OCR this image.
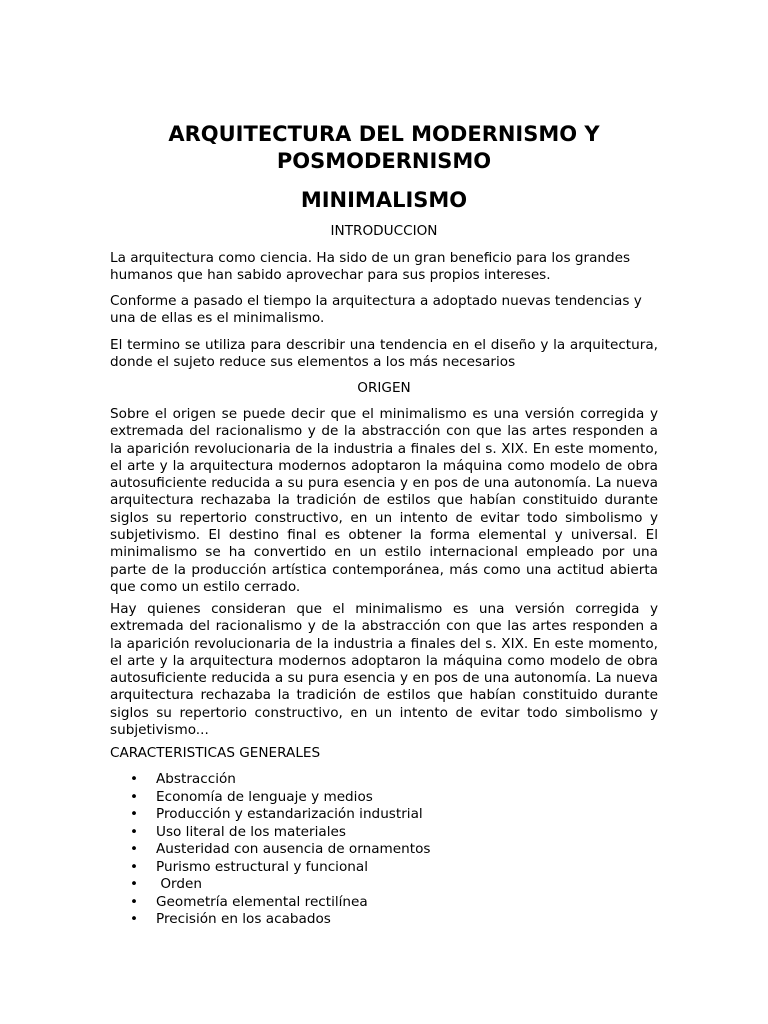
ARQUITECTURA DEL MODERNISMO Y POSMODERNISMO
MINIMALISMO

INTRODUCCION

La arquitectura como ciencia. Ha sido de un gran beneficio para los grandes humanos que han sabido aprovechar para sus propios intereses.

Conforme a pasado el tiempo la arquitectura a adoptado nuevas tendencias y una de ellas es el minimalismo.

El termino se utiliza para describir una tendencia en el diseño y la arquitectura, donde el sujeto reduce sus elementos a los más necesarios

ORIGEN

Sobre el origen se puede decir que el minimalismo es una versión corregida y extremada del racionalismo y de la abstracción con que las artes responden a la aparición revolucionaria de la industria a finales del s. XIX. En este momento, el arte y la arquitectura modernos adoptaron la máquina como modelo de obra autosuficiente reducida a su pura esencia y en pos de una autonomía. La nueva arquitectura rechazaba la tradición de estilos que habían constituido durante siglos su repertorio constructivo, en un intento de evitar todo simbolismo y subjetivismo. El destino final es obtener la forma elemental y universal. El minimalismo se ha convertido en un estilo internacional empleado por una parte de la producción artística contemporánea, más como una actitud abierta que como un estilo cerrado.

Hay quienes consideran que el minimalismo es una versión corregida y extremada del racionalismo y de la abstracción con que las artes responden a la aparición revolucionaria de la industria a finales del s. XIX. En este momento, el arte y la arquitectura modernos adoptaron la máquina como modelo de obra autosuficiente reducida a su pura esencia y en pos de una autonomía. La nueva arquitectura rechazaba la tradición de estilos que habían constituido durante siglos su repertorio constructivo, en un intento de evitar todo simbolismo y subjetivismo...

CARACTERISTICAS GENERALES

• Abstracción
• Economía de lenguaje y medios
• Producción y estandarización industrial
• Uso literal de los materiales
• Austeridad con ausencia de ornamentos
• Purismo estructural y funcional
• Orden
• Geometría elemental rectilínea
• Precisión en los acabados
